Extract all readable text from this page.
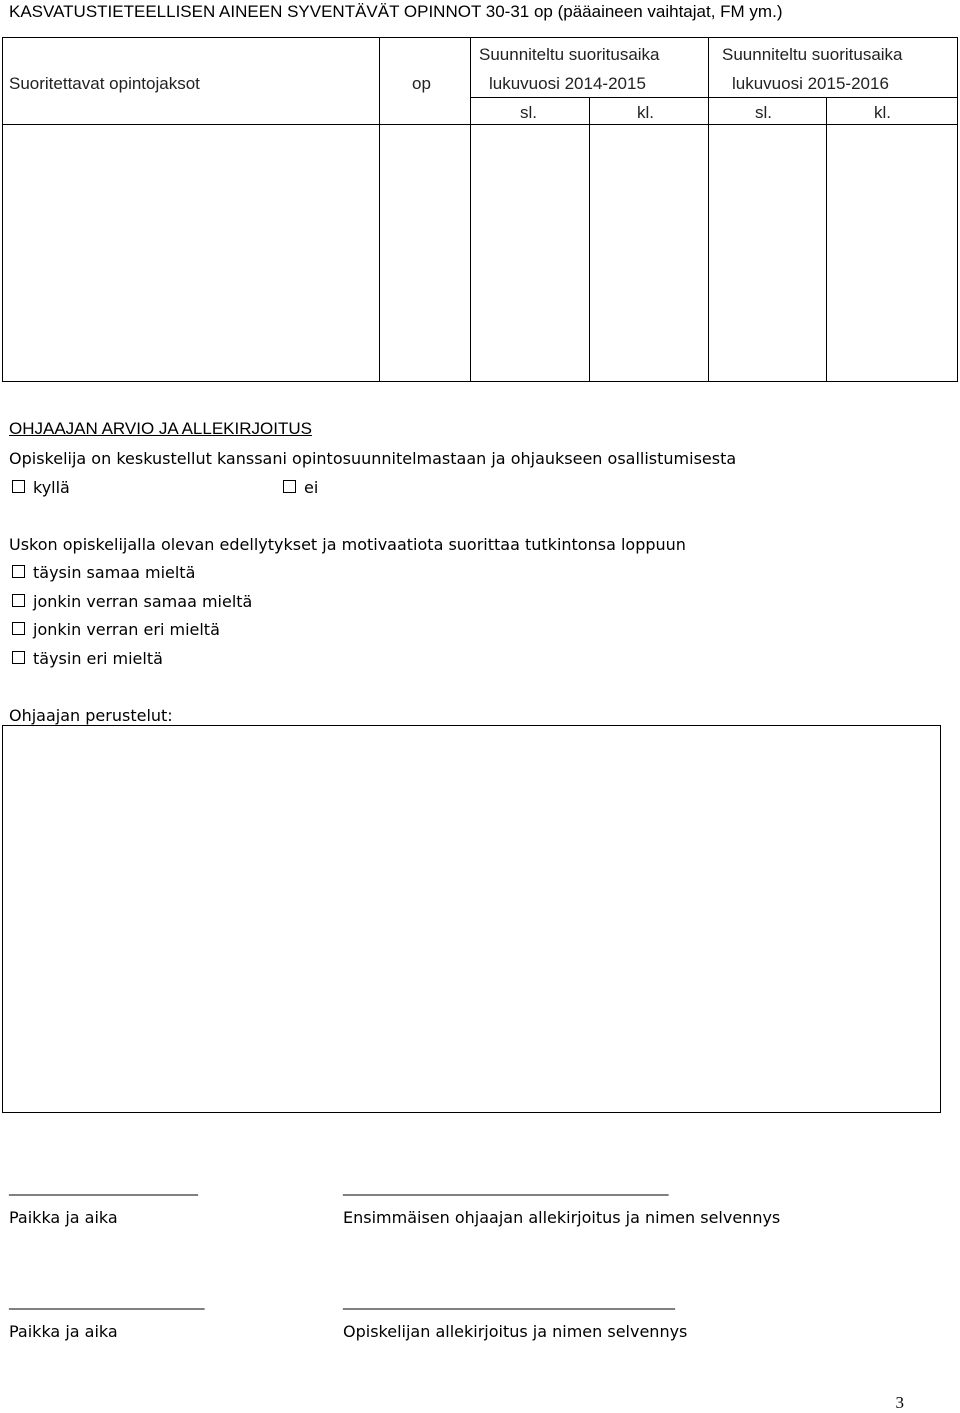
KASVATUSTIETEELLISEN AINEEN SYVENTÄVÄT OPINNOT 30-31 op (pääaineen vaihtajat, FM ym.)
Suoritettavat opintojaksot	op
Suunniteltu suoritusaika
lukuvuosi 2014-2015
Suunniteltu suoritusaika
lukuvuosi 2015-2016
sl.	kl.	sl.	kl.
OHJAAJAN ARVIO JA ALLEKIRJOITUS
Opiskelija on keskustellut kanssani opintosuunnitelmastaan ja ohjaukseen osallistumisesta
kyllä	ei
Uskon opiskelijalla olevan edellytykset ja motivaatiota suorittaa tutkintonsa loppuun
täysin samaa mieltä
jonkin verran samaa mieltä
jonkin verran eri mieltä
täysin eri mieltä
Ohjaajan perustelut:
_____________________________	__________________________________________________
Paikka ja aika	Ensimmäisen ohjaajan allekirjoitus ja nimen selvennys
______________________________	___________________________________________________
Paikka ja aika	Opiskelijan allekirjoitus ja nimen selvennys
3
